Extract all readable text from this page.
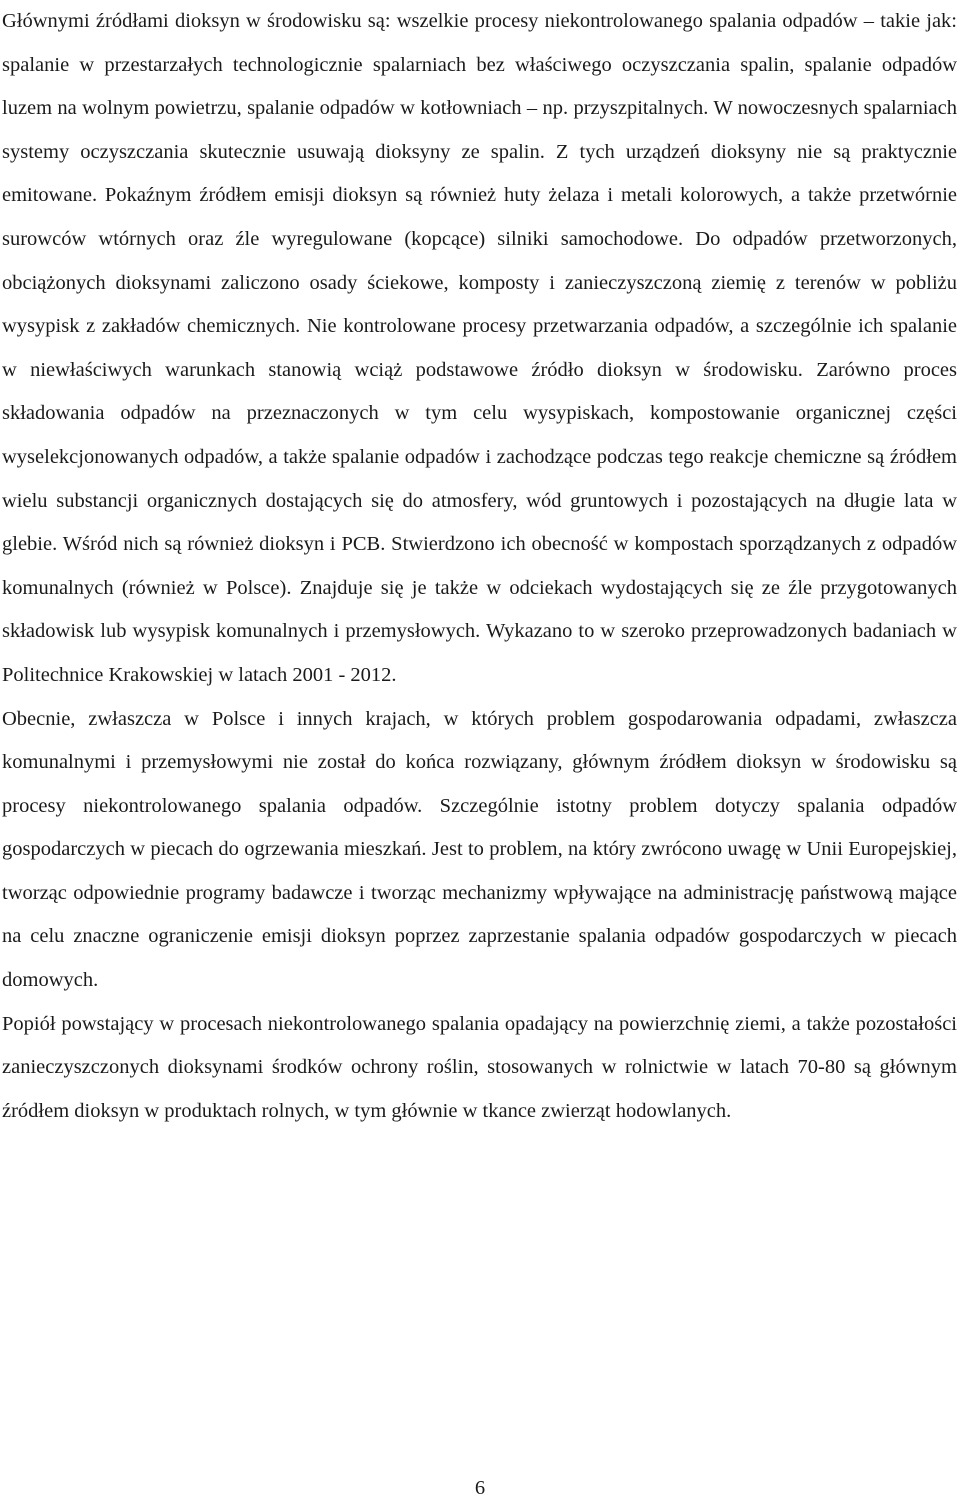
Głównymi źródłami dioksyn w środowisku są: wszelkie procesy niekontrolowanego spalania odpadów – takie jak: spalanie w przestarzałych technologicznie spalarniach bez właściwego oczyszczania spalin, spalanie odpadów luzem na wolnym powietrzu, spalanie odpadów w kotłowniach – np. przyszpitalnych. W nowoczesnych spalarniach systemy oczyszczania skutecznie usuwają dioksyny ze spalin. Z tych urządzeń dioksyny nie są praktycznie emitowane. Pokaźnym źródłem emisji dioksyn są również huty żelaza i metali kolorowych, a także przetwórnie surowców wtórnych oraz źle wyregulowane (kopcące) silniki samochodowe. Do odpadów przetworzonych, obciążonych dioksynami zaliczono osady ściekowe, komposty i zanieczyszczoną ziemię z terenów w pobliżu wysypisk z zakładów chemicznych. Nie kontrolowane procesy przetwarzania odpadów, a szczególnie ich spalanie w niewłaściwych warunkach stanowią wciąż podstawowe źródło dioksyn w środowisku. Zarówno proces składowania odpadów na przeznaczonych w tym celu wysypiskach, kompostowanie organicznej części wyselekcjonowanych odpadów, a także spalanie odpadów i zachodzące podczas tego reakcje chemiczne są źródłem wielu substancji organicznych dostających się do atmosfery, wód gruntowych i pozostających na długie lata w glebie. Wśród nich są również dioksyn i PCB. Stwierdzono ich obecność w kompostach sporządzanych z odpadów komunalnych (również w Polsce). Znajduje się je także w odciekach wydostających się ze źle przygotowanych składowisk lub wysypisk komunalnych i przemysłowych. Wykazano to w szeroko przeprowadzonych badaniach w Politechnice Krakowskiej w latach 2001 - 2012.

Obecnie, zwłaszcza w Polsce i innych krajach, w których problem gospodarowania odpadami, zwłaszcza komunalnymi i przemysłowymi nie został do końca rozwiązany, głównym źródłem dioksyn w środowisku są procesy niekontrolowanego spalania odpadów. Szczególnie istotny problem dotyczy spalania odpadów gospodarczych w piecach do ogrzewania mieszkań. Jest to problem, na który zwrócono uwagę w Unii Europejskiej, tworząc odpowiednie programy badawcze i tworząc mechanizmy wpływające na administrację państwową mające na celu znaczne ograniczenie emisji dioksyn poprzez zaprzestanie spalania odpadów gospodarczych w piecach domowych.

Popiół powstający w procesach niekontrolowanego spalania opadający na powierzchnię ziemi, a także pozostałości zanieczyszczonych dioksynami środków ochrony roślin, stosowanych w rolnictwie w latach 70-80 są głównym źródłem dioksyn w produktach rolnych, w tym głównie w tkance zwierząt hodowlanych.

6
